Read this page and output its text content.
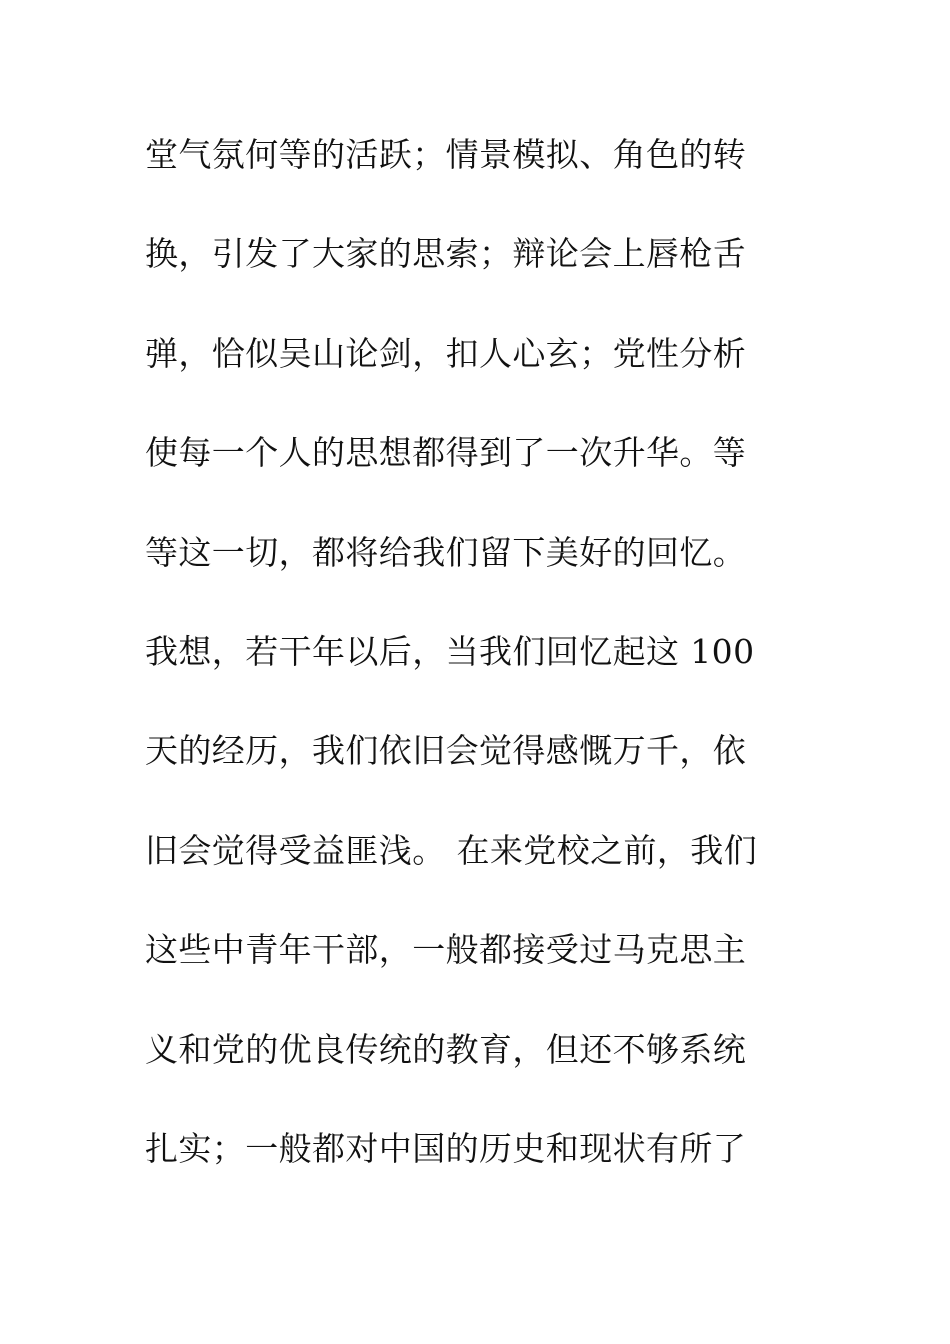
堂气氛何等的活跃；情景模拟、角色的转
换，引发了大家的思索；辩论会上唇枪舌
弹，恰似吴山论剑，扣人心玄；党性分析
使每一个人的思想都得到了一次升华。等
等这一切，都将给我们留下美好的回忆。
我想，若干年以后，当我们回忆起这 100
天的经历，我们依旧会觉得感慨万千，依
旧会觉得受益匪浅。 在来党校之前，我们
这些中青年干部，一般都接受过马克思主
义和党的优良传统的教育，但还不够系统
扎实；一般都对中国的历史和现状有所了
